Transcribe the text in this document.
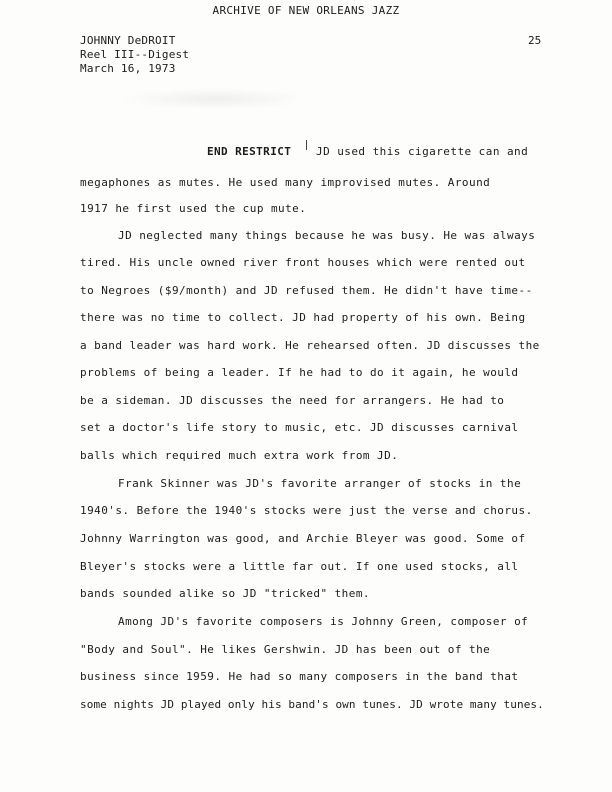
ARCHIVE OF NEW ORLEANS JAZZ
JOHNNY DeDROIT
Reel III--Digest
March 16, 1973
25
END RESTRICT JD used this cigarette can and
megaphones as mutes. He used many improvised mutes. Around
1917 he first used the cup mute.
JD neglected many things because he was busy. He was always
tired. His uncle owned river front houses which were rented out
to Negroes ($9/month) and JD refused them. He didn't have time--
there was no time to collect. JD had property of his own. Being
a band leader was hard work. He rehearsed often. JD discusses the
problems of being a leader. If he had to do it again, he would
be a sideman. JD discusses the need for arrangers. He had to
set a doctor's life story to music, etc. JD discusses carnival
balls which required much extra work from JD.
Frank Skinner was JD's favorite arranger of stocks in the
1940's. Before the 1940's stocks were just the verse and chorus.
Johnny Warrington was good, and Archie Bleyer was good. Some of
Bleyer's stocks were a little far out. If one used stocks, all
bands sounded alike so JD "tricked" them.
Among JD's favorite composers is Johnny Green, composer of
"Body and Soul". He likes Gershwin. JD has been out of the
business since 1959. He had so many composers in the band that
some nights JD played only his band's own tunes. JD wrote many tunes.
